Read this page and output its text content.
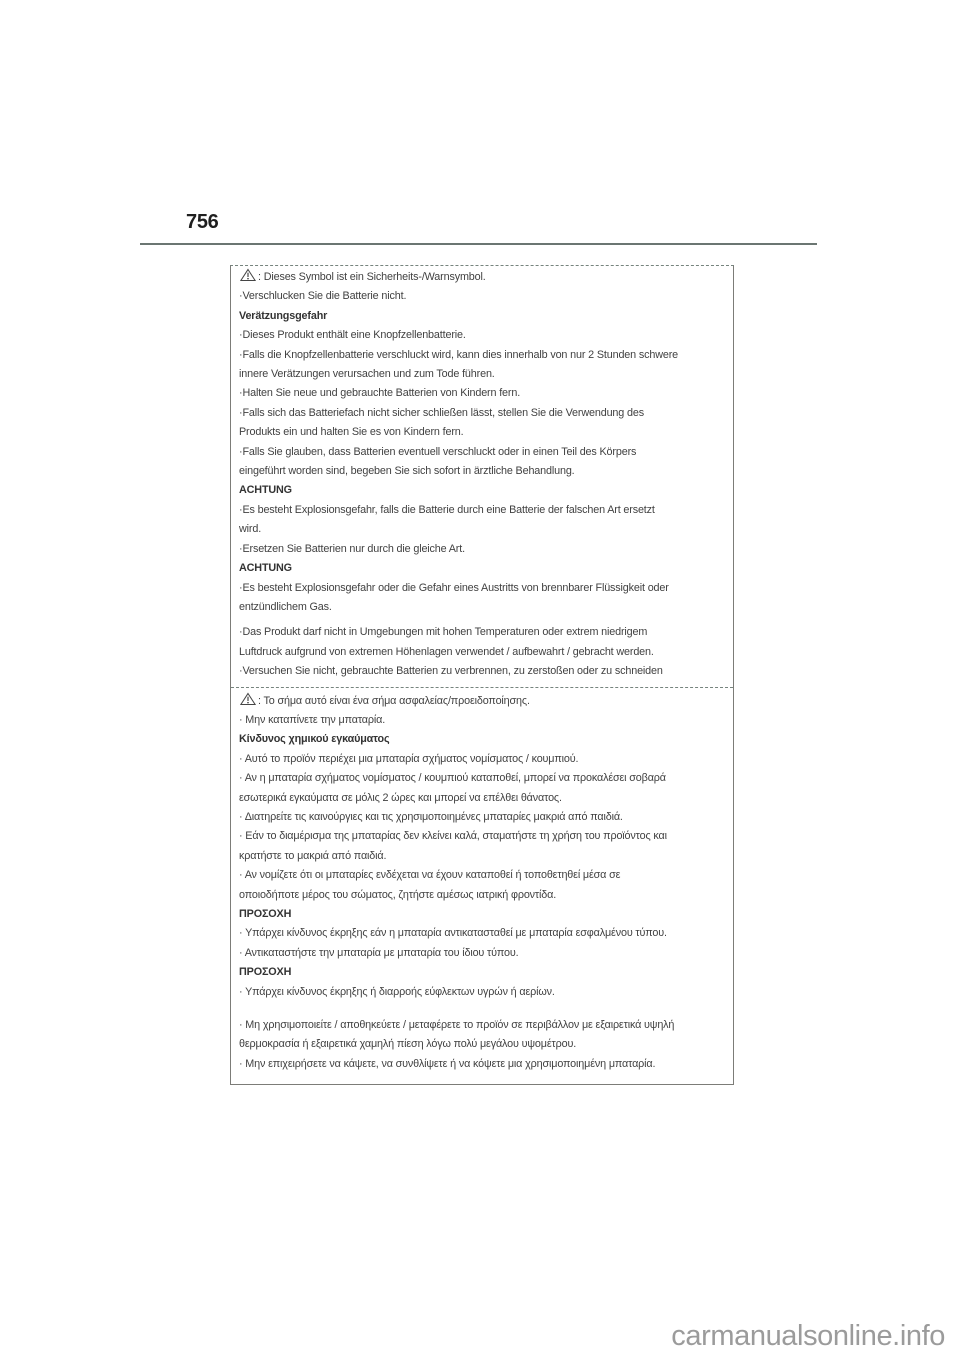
756
: Dieses Symbol ist ein Sicherheits-/Warnsymbol.
·Verschlucken Sie die Batterie nicht.
Verätzungsgefahr
·Dieses Produkt enthält eine Knopfzellenbatterie.
·Falls die Knopfzellenbatterie verschluckt wird, kann dies innerhalb von nur 2 Stunden schwere
innere Verätzungen verursachen und zum Tode führen.
·Halten Sie neue und gebrauchte Batterien von Kindern fern.
·Falls sich das Batteriefach nicht sicher schließen lässt, stellen Sie die Verwendung des
Produkts ein und halten Sie es von Kindern fern.
·Falls Sie glauben, dass Batterien eventuell verschluckt oder in einen Teil des Körpers
eingeführt worden sind, begeben Sie sich sofort in ärztliche Behandlung.
ACHTUNG
·Es besteht Explosionsgefahr, falls die Batterie durch eine Batterie der falschen Art ersetzt
wird.
·Ersetzen Sie Batterien nur durch die gleiche Art.
ACHTUNG
·Es besteht Explosionsgefahr oder die Gefahr eines Austritts von brennbarer Flüssigkeit oder
entzündlichem Gas.
·Das Produkt darf nicht in Umgebungen mit hohen Temperaturen oder extrem niedrigem
Luftdruck aufgrund von extremen Höhenlagen verwendet / aufbewahrt / gebracht werden.
·Versuchen Sie nicht, gebrauchte Batterien zu verbrennen, zu zerstoßen oder zu schneiden
: Το σήμα αυτό είναι ένα σήμα ασφαλείας/προειδοποίησης.
· Μην καταπίνετε την μπαταρία.
Κίνδυνος χημικού εγκαύματος
· Αυτό το προϊόν περιέχει μια μπαταρία σχήματος νομίσματος / κουμπιού.
· Αν η μπαταρία σχήματος νομίσματος / κουμπιού καταποθεί, μπορεί να προκαλέσει σοβαρά
εσωτερικά εγκαύματα σε μόλις 2 ώρες και μπορεί να επέλθει θάνατος.
· Διατηρείτε τις καινούργιες και τις χρησιμοποιημένες μπαταρίες μακριά από παιδιά.
· Εάν το διαμέρισμα της μπαταρίας δεν κλείνει καλά, σταματήστε τη χρήση του προϊόντος και
κρατήστε το μακριά από παιδιά.
· Αν νομίζετε ότι οι μπαταρίες ενδέχεται να έχουν καταποθεί ή τοποθετηθεί μέσα σε
οποιοδήποτε μέρος του σώματος, ζητήστε αμέσως ιατρική φροντίδα.
ΠΡΟΣΟΧΗ
· Υπάρχει κίνδυνος έκρηξης εάν η μπαταρία αντικατασταθεί με μπαταρία εσφαλμένου τύπου.
· Αντικαταστήστε την μπαταρία με μπαταρία του ίδιου τύπου.
ΠΡΟΣΟΧΗ
· Υπάρχει κίνδυνος έκρηξης ή διαρροής εύφλεκτων υγρών ή αερίων.
· Μη χρησιμοποιείτε / αποθηκεύετε / μεταφέρετε το προϊόν σε περιβάλλον με εξαιρετικά υψηλή
θερμοκρασία ή εξαιρετικά χαμηλή πίεση λόγω πολύ μεγάλου υψομέτρου.
· Μην επιχειρήσετε να κάψετε, να συνθλίψετε ή να κόψετε μια χρησιμοποιημένη μπαταρία.
carmanualsonline.info
